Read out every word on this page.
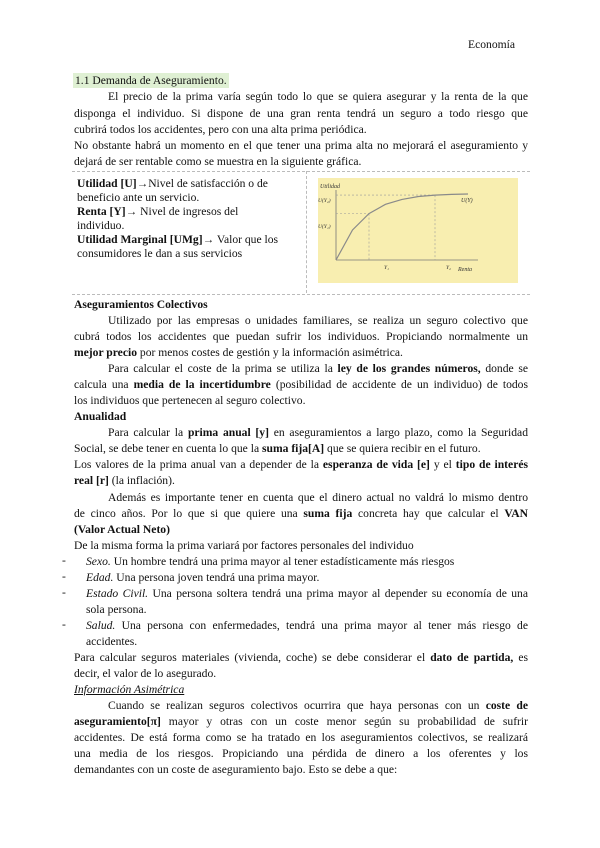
Economía
1.1 Demanda de Aseguramiento.
El precio de la prima varía según todo lo que se quiera asegurar y la renta de la que
disponga el individuo. Si dispone de una gran renta tendrá un seguro a todo riesgo que
cubrirá todos los accidentes, pero con una alta prima periódica.
No obstante habrá un momento en el que tener una prima alta no mejorará el aseguramiento y
dejará de ser rentable como se muestra en la siguiente gráfica.
Utilidad [U]→Nivel de satisfacción o de
beneficio ante un servicio.
Renta [Y]→ Nivel de ingresos del
individuo.
Utilidad Marginal [UMg]→ Valor que los
consumidores le dan a sus servicios
Utilidad
Renta
U(Y)
U(Y₂)
U(Y₁)
Y₁	Y₂
Aseguramientos Colectivos
Utilizado por las empresas o unidades familiares, se realiza un seguro colectivo que
cubrá todos los accidentes que puedan sufrir los individuos. Propiciando normalmente un
mejor precio por menos costes de gestión y la información asimétrica.
Para calcular el coste de la prima se utiliza la ley de los grandes números, donde se
calcula una media de la incertidumbre (posibilidad de accidente de un individuo) de todos
los individuos que pertenecen al seguro colectivo.
Anualidad
Para calcular la prima anual [y] en aseguramientos a largo plazo, como la Seguridad
Social, se debe tener en cuenta lo que la suma fija[A] que se quiera recibir en el futuro.
Los valores de la prima anual van a depender de la esperanza de vida [e] y el tipo de interés
real [r] (la inflación).
Además es importante tener en cuenta que el dinero actual no valdrá lo mismo dentro
de cinco años. Por lo que si que quiere una suma fija concreta hay que calcular el VAN
(Valor Actual Neto)
De la misma forma la prima variará por factores personales del individuo
- Sexo. Un hombre tendrá una prima mayor al tener estadísticamente más riesgos
- Edad. Una persona joven tendrá una prima mayor.
- Estado Civil. Una persona soltera tendrá una prima mayor al depender su economía de una
sola persona.
- Salud. Una persona con enfermedades, tendrá una prima mayor al tener más riesgo de
accidentes.
Para calcular seguros materiales (vivienda, coche) se debe considerar el dato de partida, es
decir, el valor de lo asegurado.
Información Asimétrica
Cuando se realizan seguros colectivos ocurrira que haya personas con un coste de
aseguramiento[π] mayor y otras con un coste menor según su probabilidad de sufrir
accidentes. De está forma como se ha tratado en los aseguramientos colectivos, se realizará
una media de los riesgos. Propiciando una pérdida de dinero a los oferentes y los
demandantes con un coste de aseguramiento bajo. Esto se debe a que:
